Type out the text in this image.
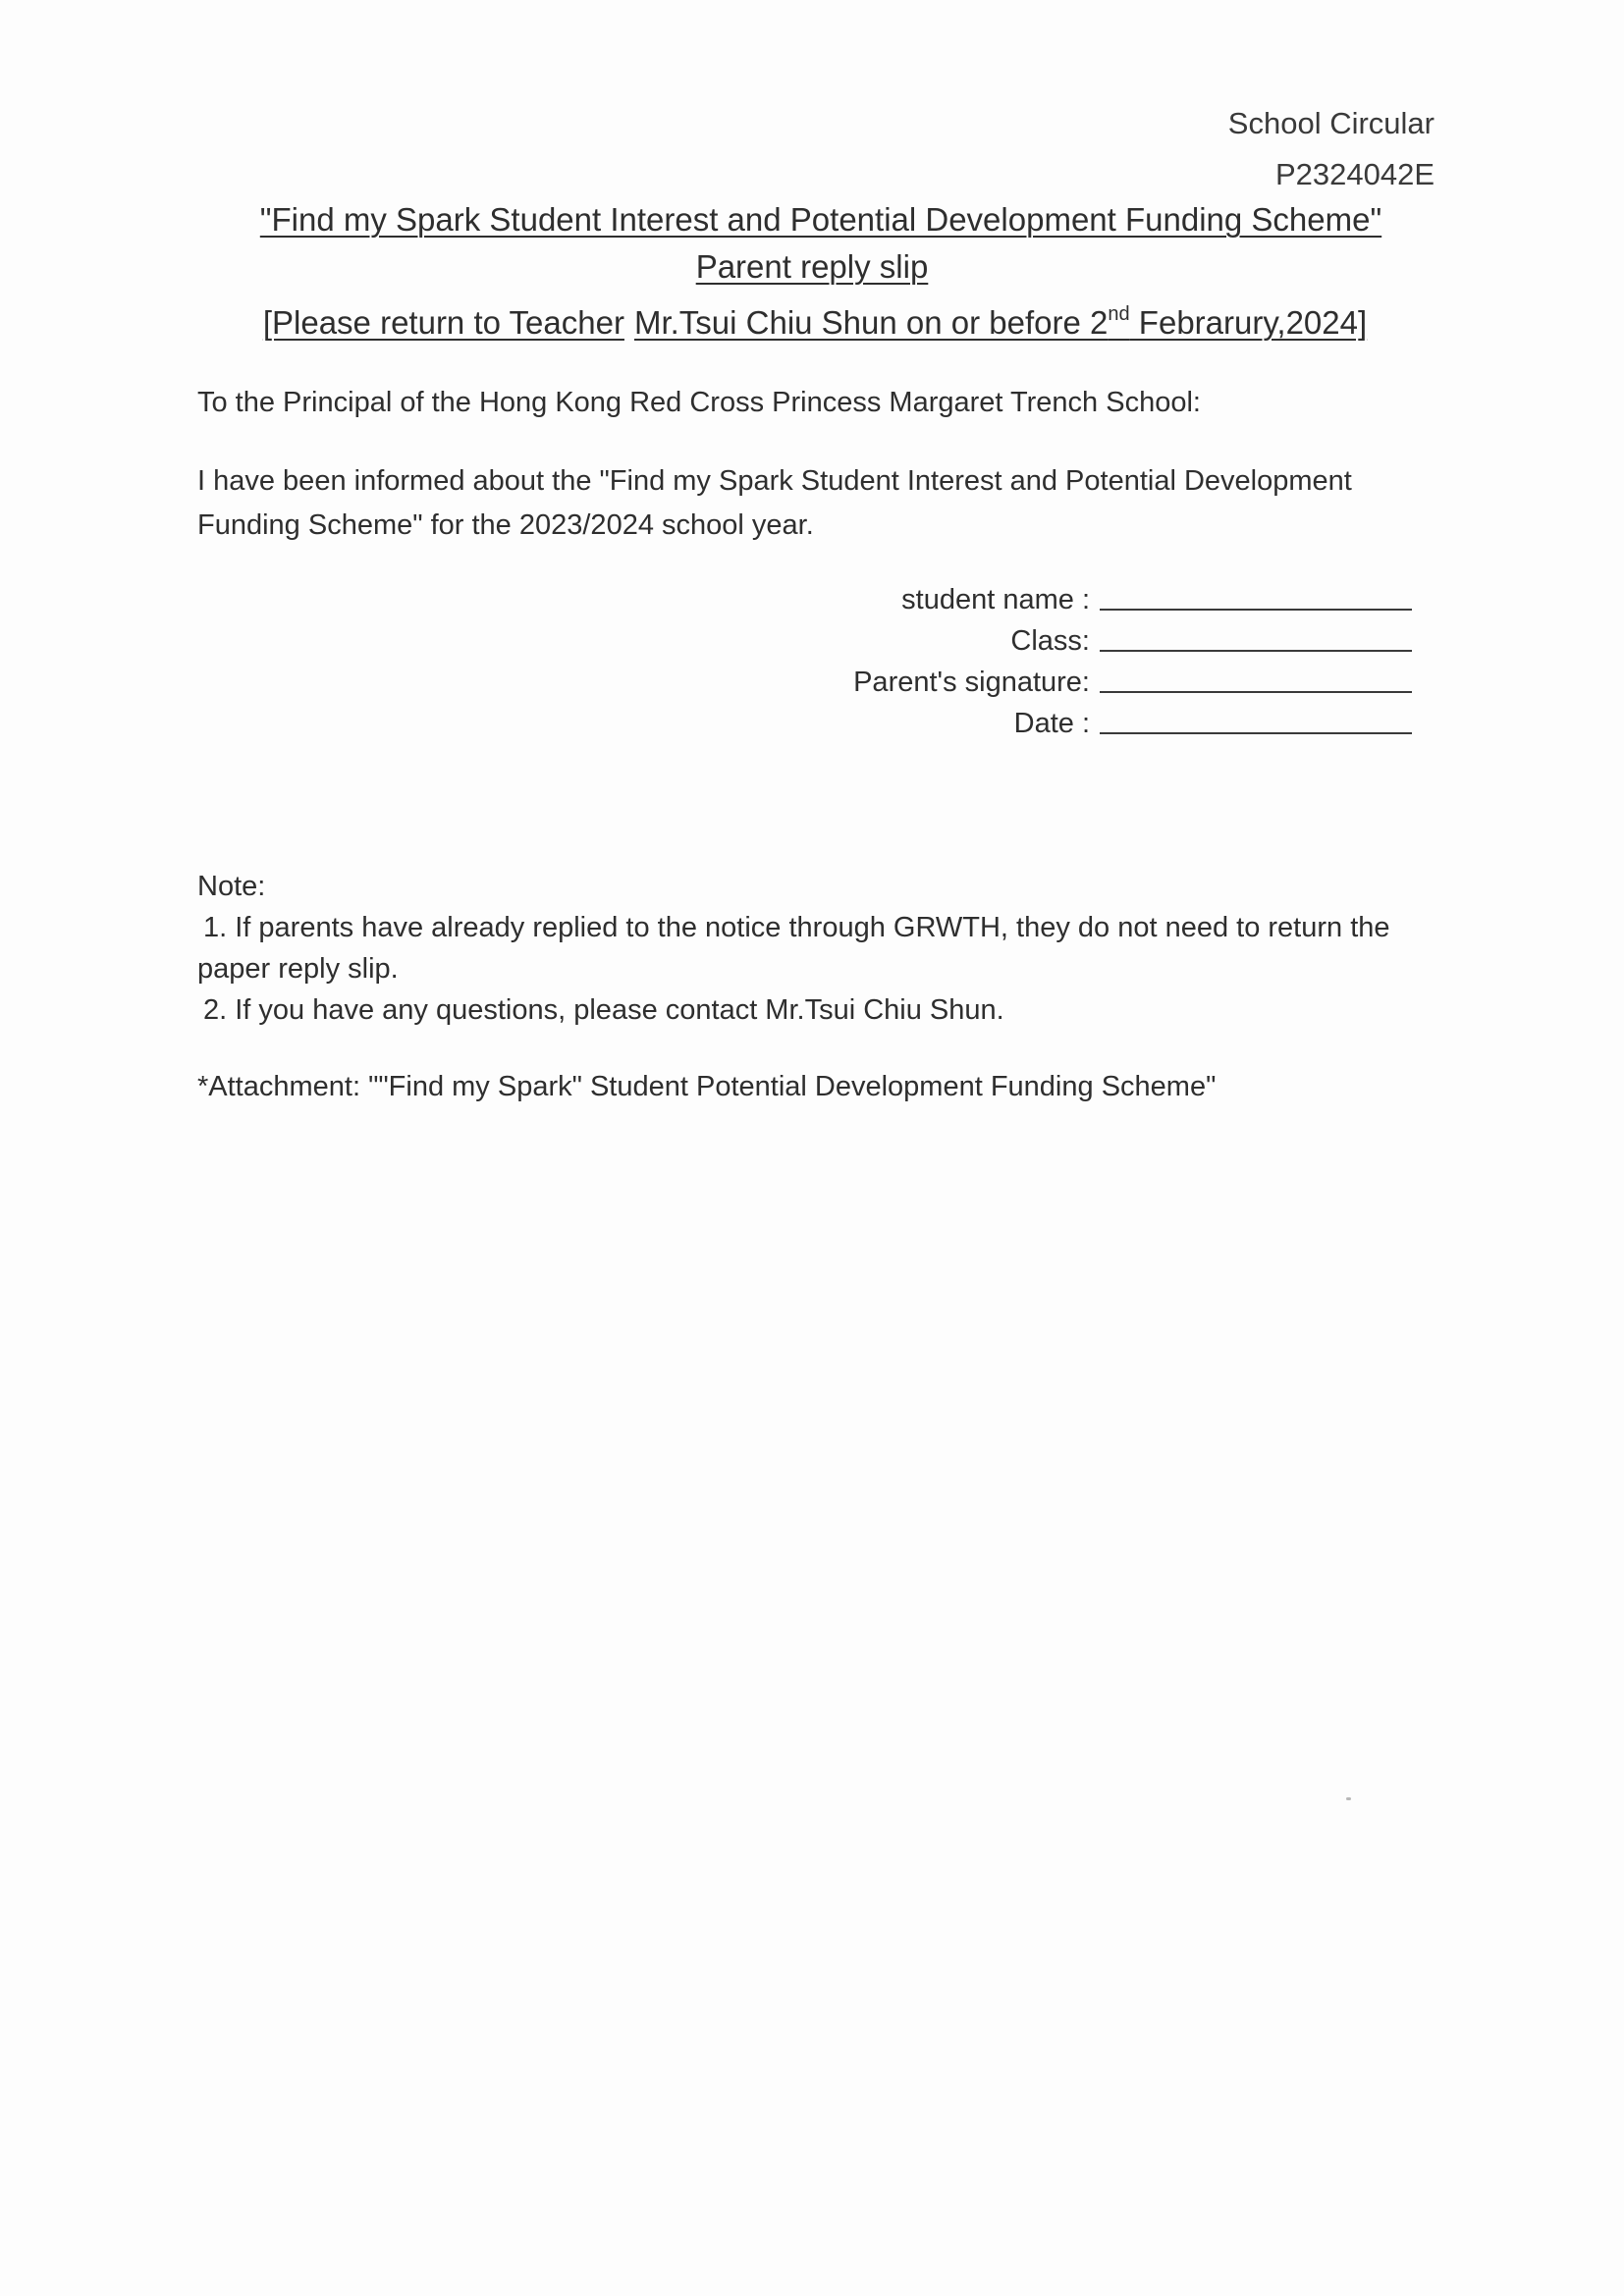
School Circular
P2324042E
"Find my Spark Student Interest and Potential Development Funding Scheme"
Parent reply slip
[Please return to Teacher Mr.Tsui Chiu Shun on or before 2nd Febrarury,2024]
To the Principal of the Hong Kong Red Cross Princess Margaret Trench School:
I have been informed about the "Find my Spark Student Interest and Potential Development Funding Scheme" for the 2023/2024 school year.
student name :
Class:
Parent's signature:
Date :
Note:
1. If parents have already replied to the notice through GRWTH, they do not need to return the paper reply slip.
2. If you have any questions, please contact Mr.Tsui Chiu Shun.
*Attachment: ""Find my Spark" Student Potential Development Funding Scheme"
